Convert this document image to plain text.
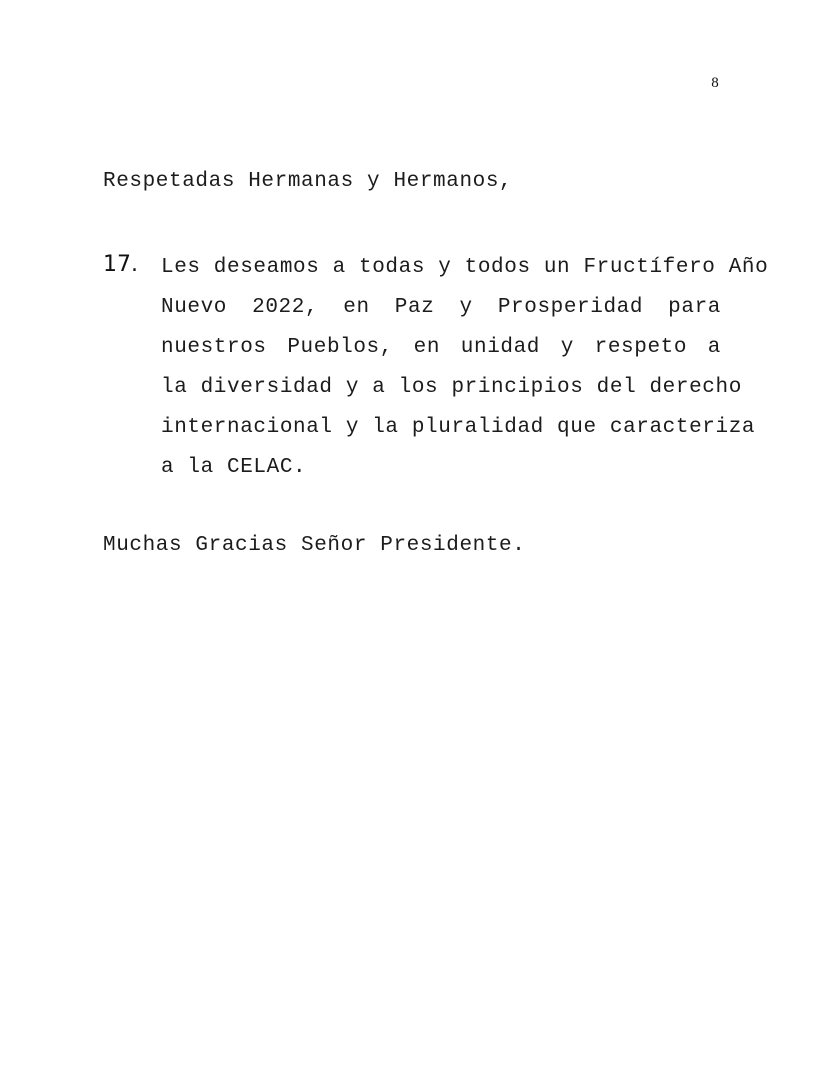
8
Respetadas Hermanas y Hermanos,
17. Les deseamos a todas y todos un Fructífero Año
Nuevo 2022, en Paz y Prosperidad para
nuestros Pueblos, en unidad y respeto a
la diversidad y a los principios del derecho
internacional y la pluralidad que caracteriza
a la CELAC.
Muchas Gracias Señor Presidente.
